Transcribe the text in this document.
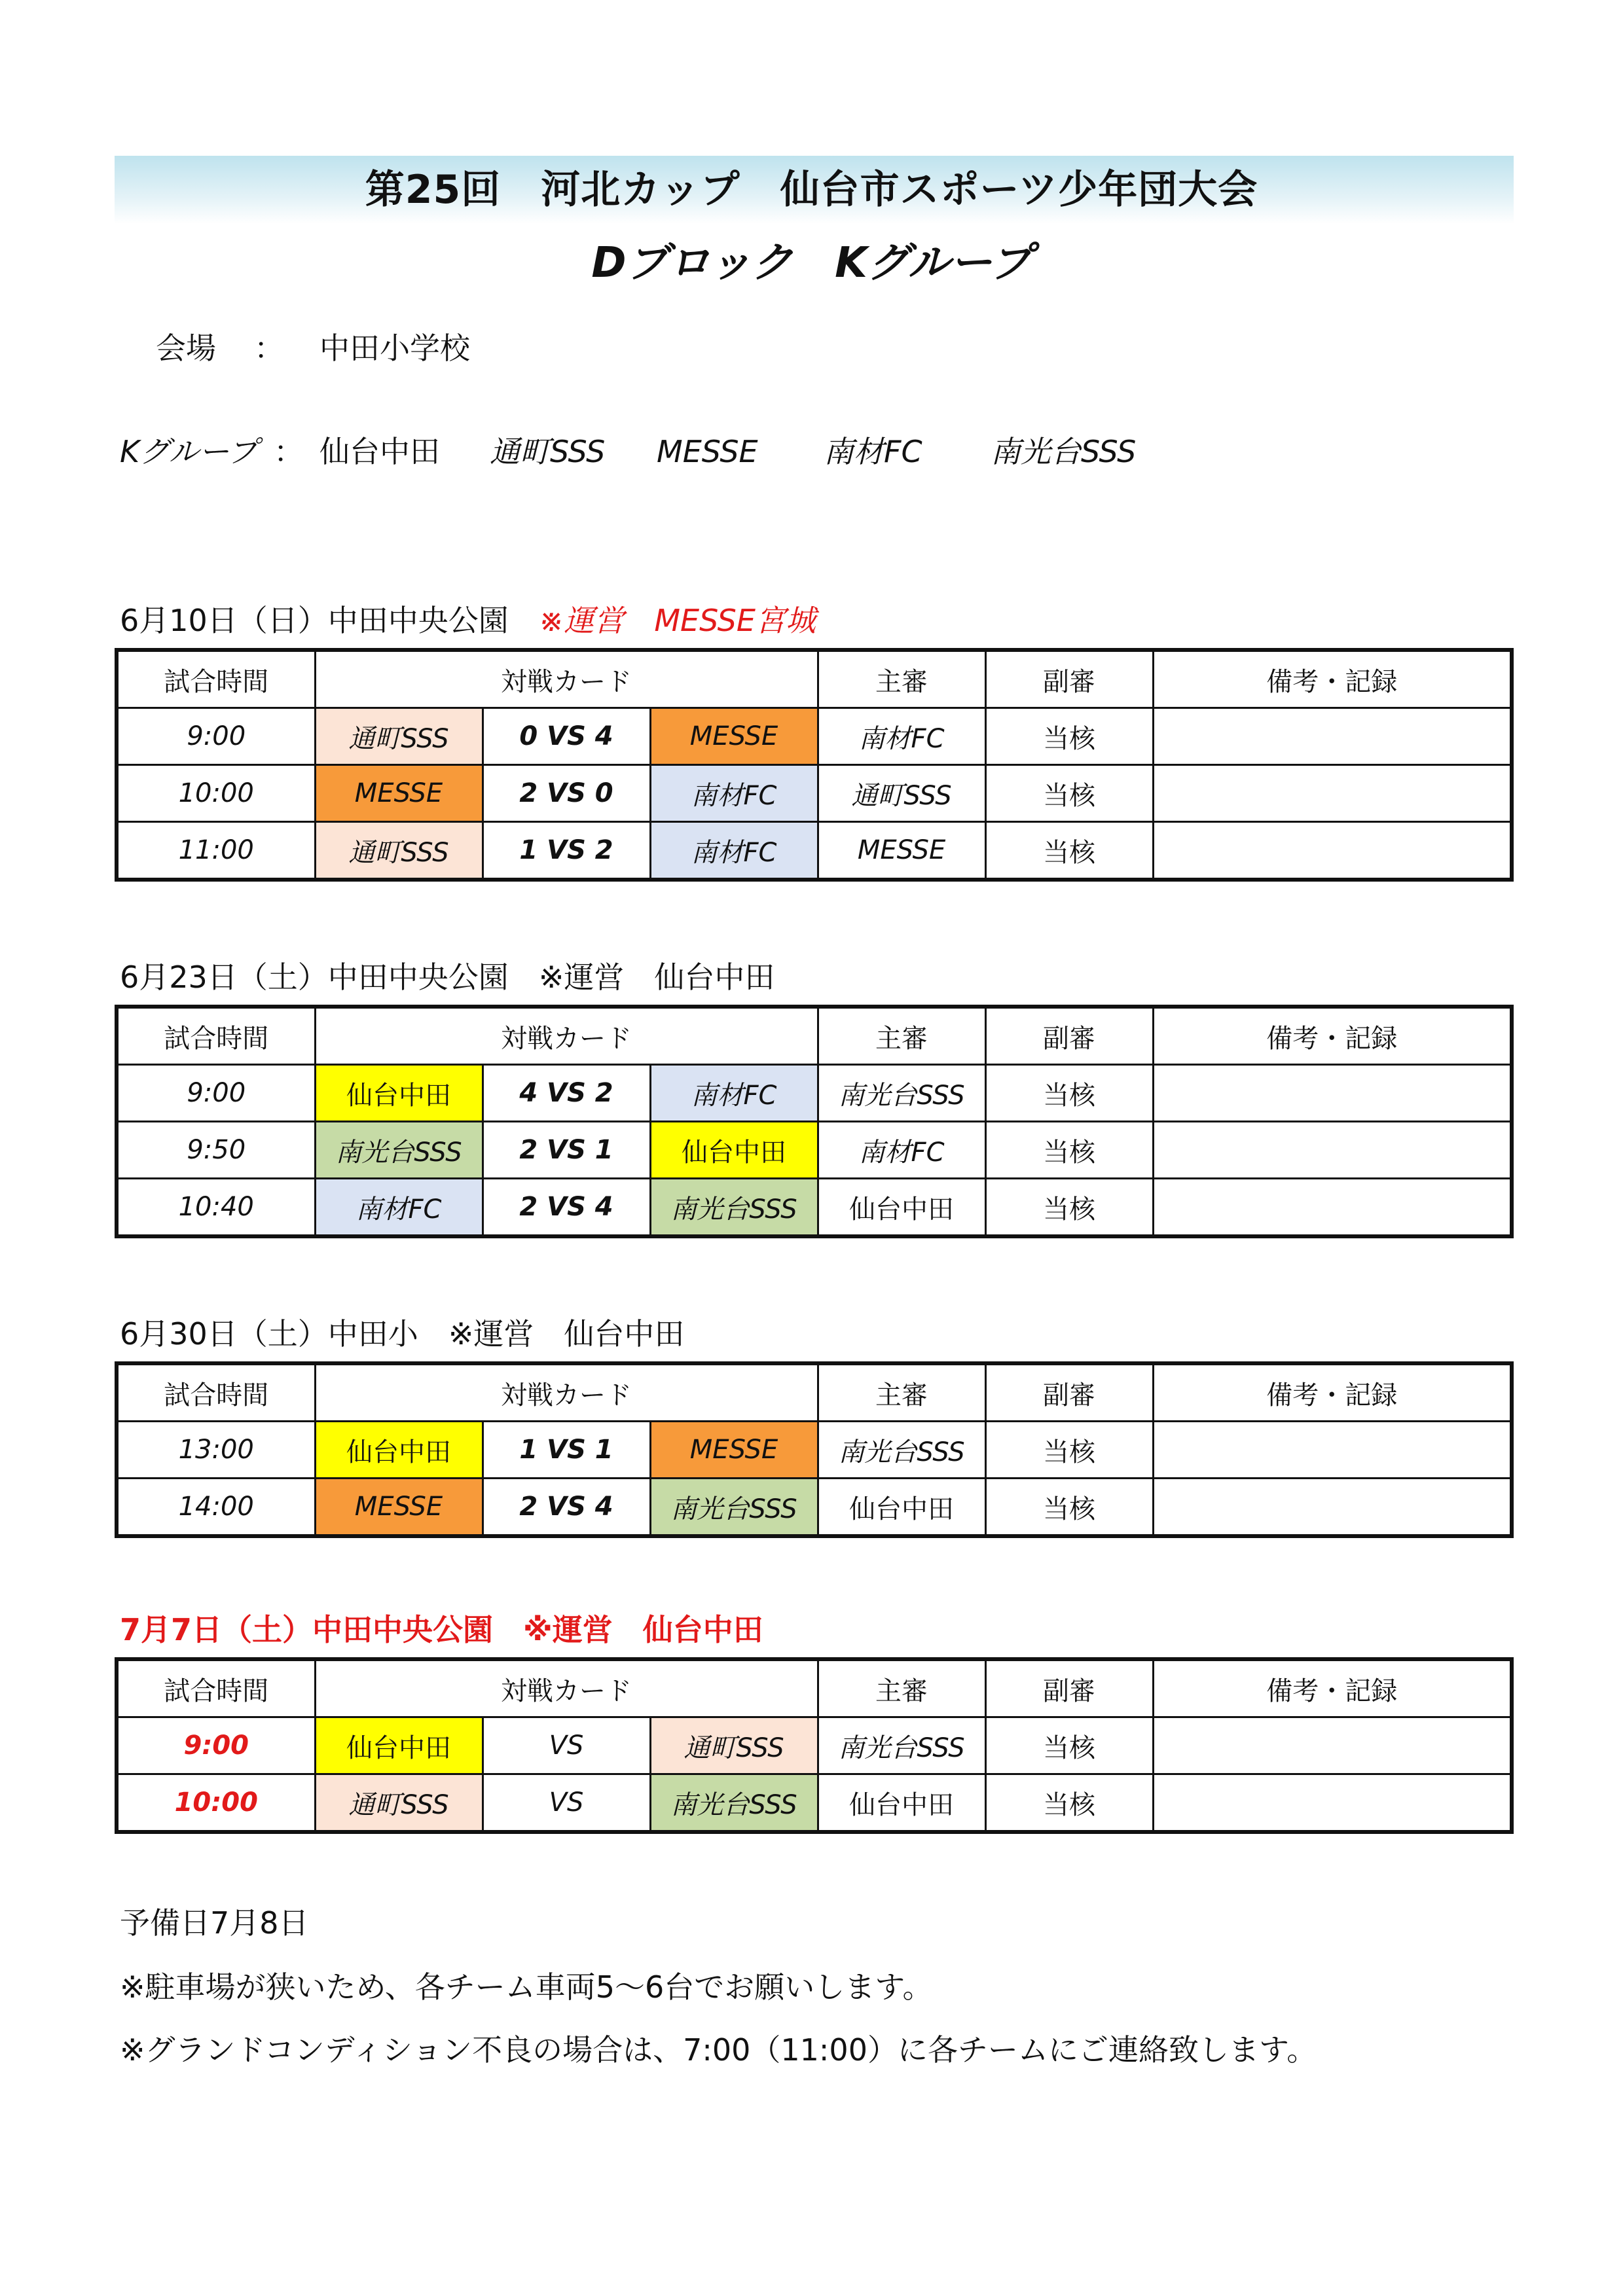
第25回　河北カップ　仙台市スポーツ少年団大会
Dブロック　Kグループ
会場 ： 中田小学校
Kグループ ： 仙台中田 通町SSS MESSE 南材FC 南光台SSS
6月10日（日）中田中央公園　 ※運営　MESSE宮城
試合時間	対戦カード			主審	副審	備考・記録
9:00	通町SSS	0 VS 4	MESSE	南材FC	当核	
10:00	MESSE	2 VS 0	南材FC	通町SSS	当核	
11:00	通町SSS	1 VS 2	南材FC	MESSE	当核	
6月23日（土）中田中央公園　 ※運営　仙台中田
試合時間	対戦カード			主審	副審	備考・記録
9:00	仙台中田	4 VS 2	南材FC	南光台SSS	当核	
9:50	南光台SSS	2 VS 1	仙台中田	南材FC	当核	
10:40	南材FC	2 VS 4	南光台SSS	仙台中田	当核	
6月30日（土）中田小　 ※運営　仙台中田
試合時間	対戦カード			主審	副審	備考・記録
13:00	仙台中田	1 VS 1	MESSE	南光台SSS	当核	
14:00	MESSE	2 VS 4	南光台SSS	仙台中田	当核	
7月7日（土）中田中央公園　 ※運営　仙台中田
試合時間	対戦カード			主審	副審	備考・記録
9:00	仙台中田	VS	通町SSS	南光台SSS	当核	
10:00	通町SSS	VS	南光台SSS	仙台中田	当核	
予備日7月8日
※駐車場が狭いため、各チーム車両5～6台でお願いします。
※グランドコンディション不良の場合は、7:00（11:00）に各チームにご連絡致します。
